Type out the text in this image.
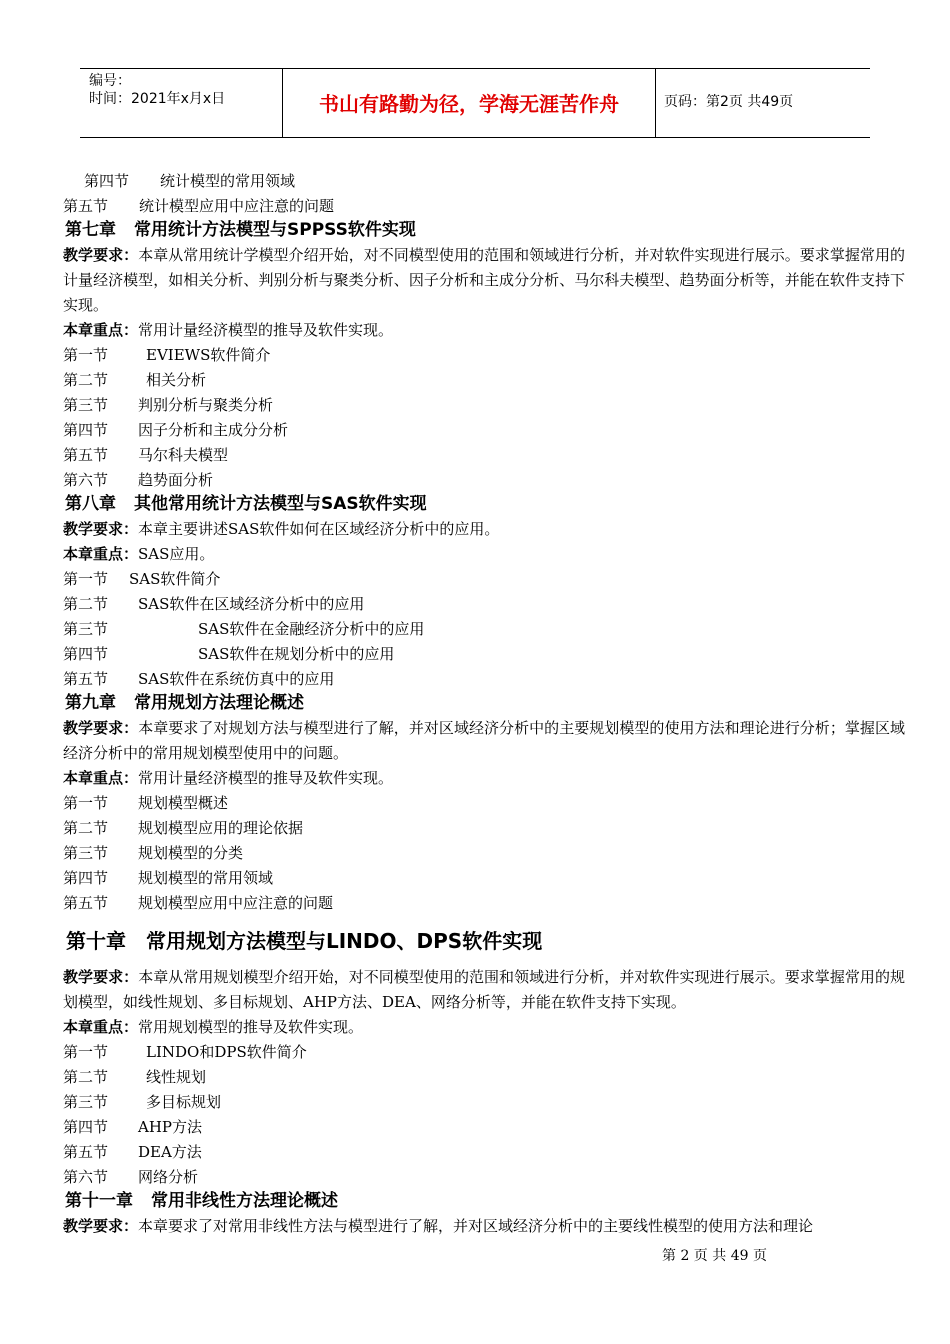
编号：
时间：2021年x月x日	书山有路勤为径，学海无涯苦作舟	页码：第2页 共49页
第四节 统计模型的常用领域
第五节 统计模型应用中应注意的问题
第七章 常用统计方法模型与SPPSS软件实现
教学要求：本章从常用统计学模型介绍开始，对不同模型使用的范围和领域进行分析，并对软件实现进行展示。要求掌握常用的计量经济模型，如相关分析、判别分析与聚类分析、因子分析和主成分分析、马尔科夫模型、趋势面分析等，并能在软件支持下实现。
本章重点：常用计量经济模型的推导及软件实现。
第一节	EVIEWS软件简介
第二节	相关分析
第三节 判别分析与聚类分析
第四节 因子分析和主成分分析
第五节 马尔科夫模型
第六节 趋势面分析
第八章 其他常用统计方法模型与SAS软件实现
教学要求：本章主要讲述SAS软件如何在区域经济分析中的应用。
本章重点：SAS应用。
第一节 SAS软件简介
第二节 SAS软件在区域经济分析中的应用
第三节	SAS软件在金融经济分析中的应用
第四节	SAS软件在规划分析中的应用
第五节 SAS软件在系统仿真中的应用
第九章 常用规划方法理论概述
教学要求：本章要求了对规划方法与模型进行了解，并对区域经济分析中的主要规划模型的使用方法和理论进行分析；掌握区域经济分析中的常用规划模型使用中的问题。
本章重点：常用计量经济模型的推导及软件实现。
第一节 规划模型概述
第二节 规划模型应用的理论依据
第三节 规划模型的分类
第四节 规划模型的常用领域
第五节 规划模型应用中应注意的问题
第十章 常用规划方法模型与LINDO、DPS软件实现
教学要求：本章从常用规划模型介绍开始，对不同模型使用的范围和领域进行分析，并对软件实现进行展示。要求掌握常用的规划模型，如线性规划、多目标规划、AHP方法、DEA、网络分析等，并能在软件支持下实现。
本章重点：常用规划模型的推导及软件实现。
第一节	LINDO和DPS软件简介
第二节	线性规划
第三节	多目标规划
第四节 AHP方法
第五节 DEA方法
第六节 网络分析
第十一章 常用非线性方法理论概述
教学要求：本章要求了对常用非线性方法与模型进行了解，并对区域经济分析中的主要线性模型的使用方法和理论
第 2 页 共 49 页
